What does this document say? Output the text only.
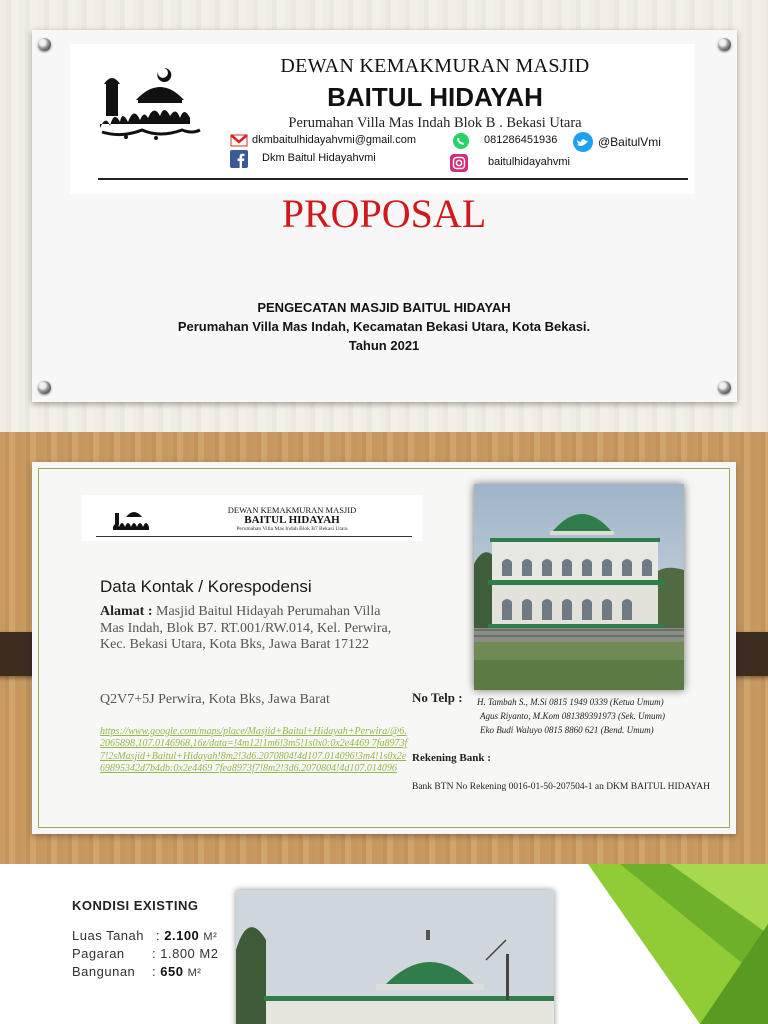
DEWAN KEMAKMURAN MASJID
BAITUL HIDAYAH
Perumahan Villa Mas Indah Blok B . Bekasi Utara
dkmbaitulhidayahvmi@gmail.com	081286451936	@BaitulVmi
Dkm Baitul Hidayahvmi	baitulhidayahvmi
PROPOSAL
PENGECATAN MASJID BAITUL HIDAYAH
Perumahan Villa Mas Indah, Kecamatan Bekasi Utara, Kota Bekasi.
Tahun 2021
DEWAN KEMAKMURAN MASJID
BAITUL HIDAYAH
Perumahan Villa Mas Indah Blok B7 Bekasi Utara
Data Kontak / Korespodensi
Alamat : Masjid Baitul Hidayah Perumahan Villa Mas Indah, Blok B7. RT.001/RW.014, Kel. Perwira, Kec. Bekasi Utara, Kota Bks, Jawa Barat 17122
Q2V7+5J Perwira, Kota Bks, Jawa Barat
https://www.google.com/maps/place/Masjid+Baitul+Hidayah+Perwira/@6.2065898,107.0146968,16z/data=!4m12!1m6!3m5!1s0x0:0x2e4469 7fa8973f7!2sMasjid+Baitul+Hidayah!8m2!3d6.2070804!4d107.014096!3m4!1s0x2e69895342d7b4db:0x2e4469 7fea8973f7!8m2!3d6.2070804!4d107.014096
No Telp : H. Tambah S., M.Si 0815 1949 0339 (Ketua Umum)
Agus Riyanto, M.Kom 081389391973 (Sek. Umum)
Eko Budi Waluyo 0815 8860 621 (Bend. Umum)
Rekening Bank :
Bank BTN No Rekening 0016-01-50-207504-1 an DKM BAITUL HIDAYAH
KONDISI EXISTING
Luas Tanah : 2.100 M²
Pagaran : 1.800 M2
Bangunan : 650 M²
